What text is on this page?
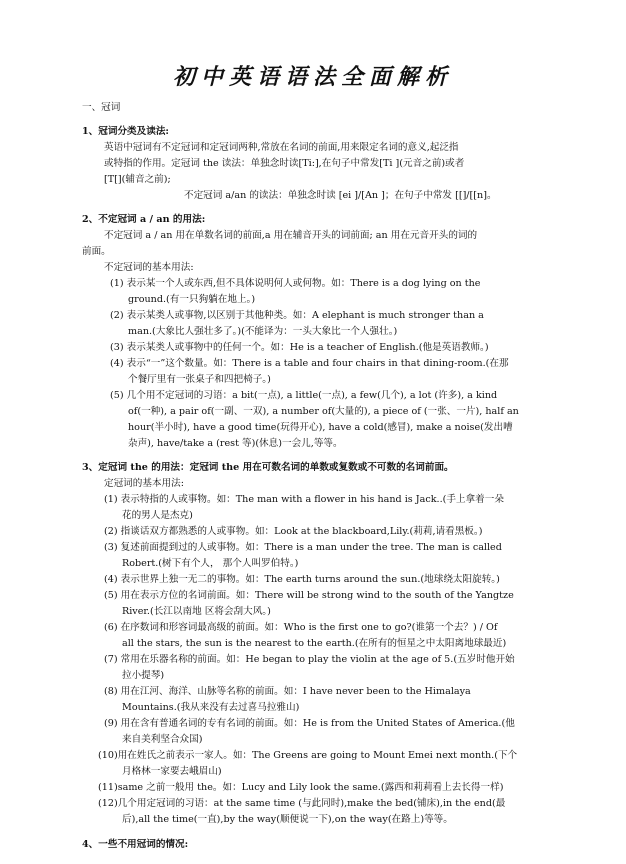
初中英语语法全面解析
一、冠词
1、冠词分类及读法:
英语中冠词有不定冠词和定冠词两种,常放在名词的前面,用来限定名词的意义,起泛指
或特指的作用。定冠词 the 读法：单独念时读[Ti:],在句子中常发[Ti ](元音之前)或者
[T[](辅音之前);
不定冠词 a/an 的读法：单独念时读 [ei ]/[An ]；在句子中常发 [[]/[[n]。
2、不定冠词 a / an 的用法:
不定冠词 a / an 用在单数名词的前面,a 用在辅音开头的词前面; an 用在元音开头的词的
前面。
不定冠词的基本用法:
(1) 表示某一个人或东西,但不具体说明何人或何物。如：There is a dog lying on the
ground.(有一只狗躺在地上。)
(2) 表示某类人或事物,以区别于其他种类。如：A elephant is much stronger than a
man.(大象比人强壮多了。)(不能译为：一头大象比一个人强壮。)
(3) 表示某类人或事物中的任何一个。如：He is a teacher of English.(他是英语教师。)
(4) 表示“一”这个数量。如：There is a table and four chairs in that dining-room.(在那
个餐厅里有一张桌子和四把椅子。)
(5) 几个用不定冠词的习语：a bit(一点), a little(一点), a few(几个), a lot (许多), a kind
of(一种), a pair of(一副、一双), a number of(大量的), a piece of (一张、一片), half an
hour(半小时), have a good time(玩得开心), have a cold(感冒), make a noise(发出嘈
杂声), have/take a (rest 等)(休息)一会儿,等等。
3、定冠词 the 的用法：定冠词 the 用在可数名词的单数或复数或不可数的名词前面。
定冠词的基本用法:
(1) 表示特指的人或事物。如：The man with a flower in his hand is Jack..(手上拿着一朵
花的男人是杰克)
(2) 指谈话双方都熟悉的人或事物。如：Look at the blackboard,Lily.(莉莉,请看黑板。)
(3) 复述前面提到过的人或事物。如：There is a man under the tree. The man is called
Robert.(树下有个人， 那个人叫罗伯特。)
(4) 表示世界上独一无二的事物。如：The earth turns around the sun.(地球绕太阳旋转。)
(5) 用在表示方位的名词前面。如：There will be strong wind to the south of the Yangtze
River.(长江以南地 区将会刮大风。)
(6) 在序数词和形容词最高级的前面。如：Who is the first one to go?(谁第一个去？) / Of
all the stars, the sun is the nearest to the earth.(在所有的恒星之中太阳离地球最近)
(7) 常用在乐器名称的前面。如：He began to play the violin at the age of 5.(五岁时他开始
拉小提琴)
(8) 用在江河、海洋、山脉等名称的前面。如：I have never been to the Himalaya
Mountains.(我从来没有去过喜马拉雅山)
(9) 用在含有普通名词的专有名词的前面。如：He is from the United States of America.(他
来自美利坚合众国)
(10)用在姓氏之前表示一家人。如：The Greens are going to Mount Emei next month.(下个
月格林一家要去峨眉山)
(11)same 之前一般用 the。如：Lucy and Lily look the same.(露西和莉莉看上去长得一样)
(12)几个用定冠词的习语：at the same time (与此同时),make the bed(铺床),in the end(最
后),all the time(一直),by the way(顺便说一下),on the way(在路上)等等。
4、一些不用冠词的情况:
